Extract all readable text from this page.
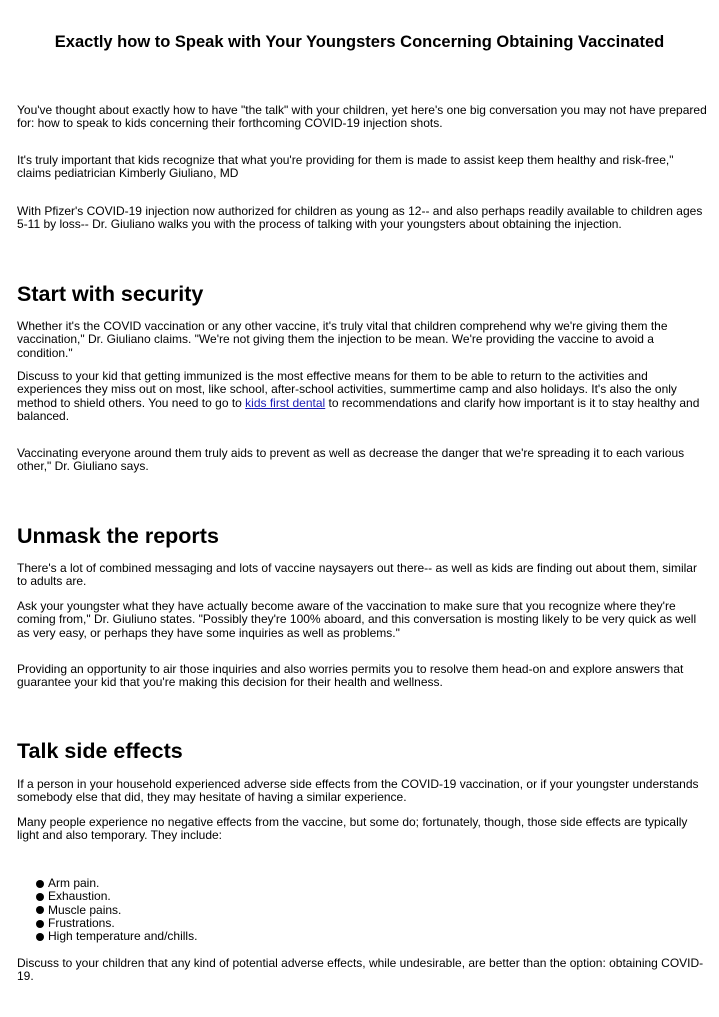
Exactly how to Speak with Your Youngsters Concerning Obtaining Vaccinated

You've thought about exactly how to have "the talk" with your children, yet here's one big conversation you may not have prepared for: how to speak to kids concerning their forthcoming COVID-19 injection shots.

It's truly important that kids recognize that what you're providing for them is made to assist keep them healthy and risk-free," claims pediatrician Kimberly Giuliano, MD

With Pfizer's COVID-19 injection now authorized for children as young as 12-- and also perhaps readily available to children ages 5-11 by loss-- Dr. Giuliano walks you with the process of talking with your youngsters about obtaining the injection.

Start with security

Whether it's the COVID vaccination or any other vaccine, it's truly vital that children comprehend why we're giving them the vaccination," Dr. Giuliano claims. "We're not giving them the injection to be mean. We're providing the vaccine to avoid a condition."

Discuss to your kid that getting immunized is the most effective means for them to be able to return to the activities and experiences they miss out on most, like school, after-school activities, summertime camp and also holidays. It's also the only method to shield others. You need to go to kids first dental to recommendations and clarify how important is it to stay healthy and balanced.

Vaccinating everyone around them truly aids to prevent as well as decrease the danger that we're spreading it to each various other," Dr. Giuliano says.

Unmask the reports

There's a lot of combined messaging and lots of vaccine naysayers out there-- as well as kids are finding out about them, similar to adults are.

Ask your youngster what they have actually become aware of the vaccination to make sure that you recognize where they're coming from," Dr. Giuliuno states. "Possibly they're 100% aboard, and this conversation is mosting likely to be very quick as well as very easy, or perhaps they have some inquiries as well as problems."

Providing an opportunity to air those inquiries and also worries permits you to resolve them head-on and explore answers that guarantee your kid that you're making this decision for their health and wellness.

Talk side effects

If a person in your household experienced adverse side effects from the COVID-19 vaccination, or if your youngster understands somebody else that did, they may hesitate of having a similar experience.

Many people experience no negative effects from the vaccine, but some do; fortunately, though, those side effects are typically light and also temporary. They include:

Arm pain.
Exhaustion.
Muscle pains.
Frustrations.
High temperature and/chills.

Discuss to your children that any kind of potential adverse effects, while undesirable, are better than the option: obtaining COVID-19.
